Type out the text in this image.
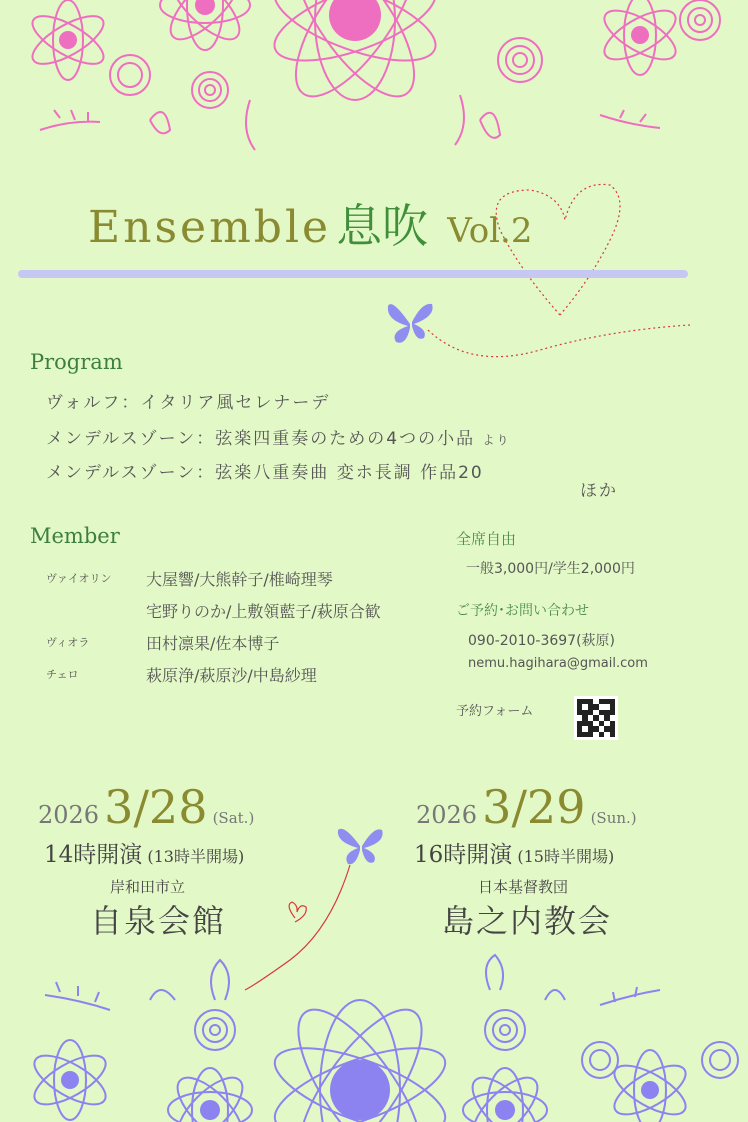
Ensemble 息吹 Vol.2
Program
ヴォルフ：イタリア風セレナーデ
メンデルスゾーン：弦楽四重奏のための4つの小品 より
メンデルスゾーン：弦楽八重奏曲 変ホ長調 作品20
ほか
Member
ヴァイオリン 大屋響/大熊幹子/椎崎理琴
宅野りのか/上敷領藍子/萩原合歓
ヴィオラ	田村凛果/佐本博子
チェロ	萩原浄/萩原沙/中島紗理
全席自由
一般3,000円/学生2,000円
ご予約･お問い合わせ
090-2010-3697(萩原)
nemu.hagihara@gmail.com
予約フォーム
2026 3/28 (Sat.)
14時開演 (13時半開場)
岸和田市立
自泉会館
2026 3/29 (Sun.)
16時開演 (15時半開場)
日本基督教団
島之内教会
